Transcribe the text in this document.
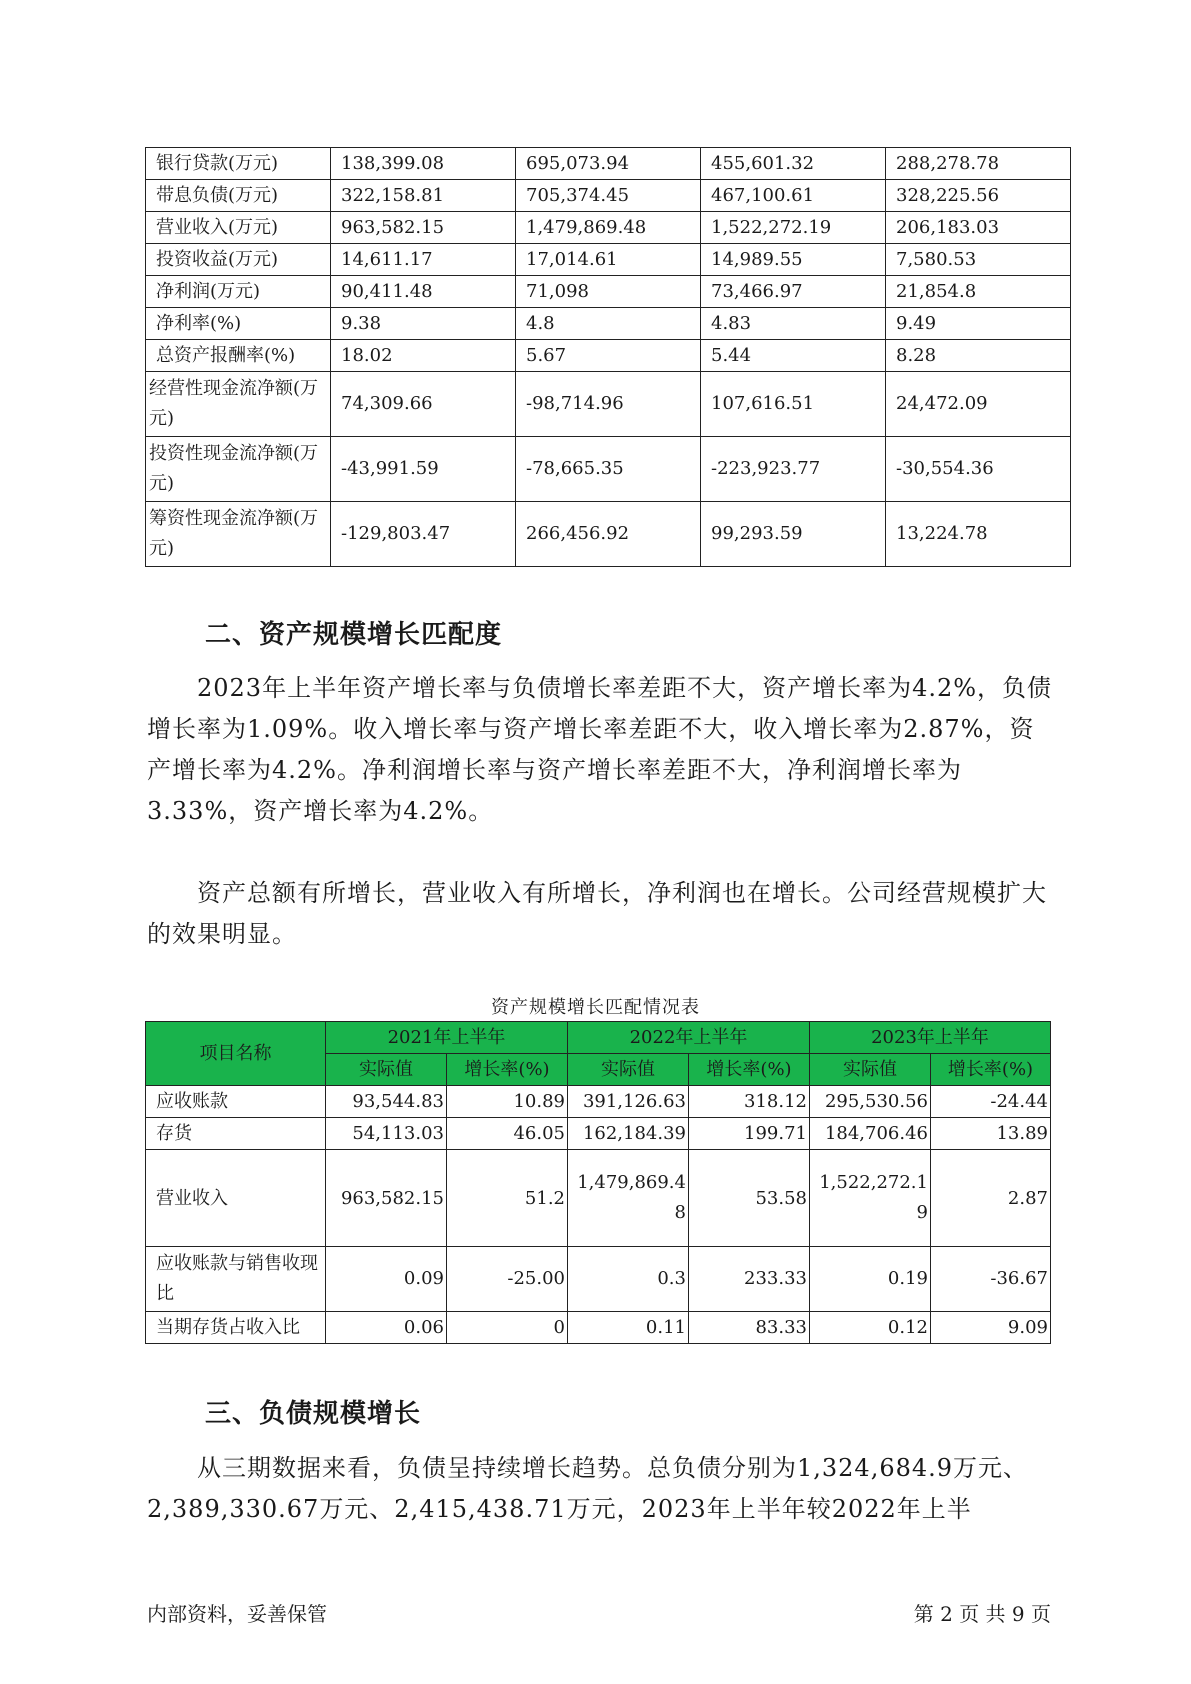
银行贷款(万元)	138,399.08	695,073.94	455,601.32	288,278.78
带息负债(万元)	322,158.81	705,374.45	467,100.61	328,225.56
营业收入(万元)	963,582.15	1,479,869.48	1,522,272.19	206,183.03
投资收益(万元)	14,611.17	17,014.61	14,989.55	7,580.53
净利润(万元)	90,411.48	71,098	73,466.97	21,854.8
净利率(%)	9.38	4.8	4.83	9.49
总资产报酬率(%)	18.02	5.67	5.44	8.28
经营性现金流净额(万元)	74,309.66	-98,714.96	107,616.51	24,472.09
投资性现金流净额(万元)	-43,991.59	-78,665.35	-223,923.77	-30,554.36
筹资性现金流净额(万元)	-129,803.47	266,456.92	99,293.59	13,224.78
二、资产规模增长匹配度

2023年上半年资产增长率与负债增长率差距不大，资产增长率为4.2%，负债增长率为1.09%。收入增长率与资产增长率差距不大，收入增长率为2.87%，资产增长率为4.2%。净利润增长率与资产增长率差距不大，净利润增长率为3.33%，资产增长率为4.2%。

资产总额有所增长，营业收入有所增长，净利润也在增长。公司经营规模扩大的效果明显。

资产规模增长匹配情况表
项目名称	2021年上半年		2022年上半年		2023年上半年	
	实际值	增长率(%)	实际值	增长率(%)	实际值	增长率(%)
应收账款	93,544.83	10.89	391,126.63	318.12	295,530.56	-24.44
存货	54,113.03	46.05	162,184.39	199.71	184,706.46	13.89
营业收入	963,582.15	51.2	1,479,869.48	53.58	1,522,272.19	2.87
应收账款与销售收现比	0.09	-25.00	0.3	233.33	0.19	-36.67
当期存货占收入比	0.06	0	0.11	83.33	0.12	9.09
三、负债规模增长

从三期数据来看，负债呈持续增长趋势。总负债分别为1,324,684.9万元、2,389,330.67万元、2,415,438.71万元，2023年上半年较2022年上半

内部资料，妥善保管	第 2 页 共 9 页
